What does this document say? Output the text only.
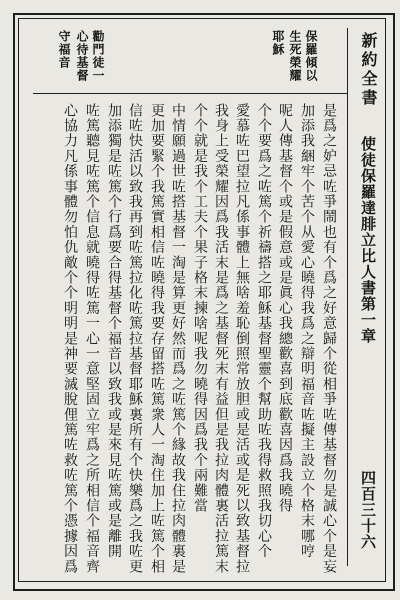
新約全書
使徒保羅達腓立比人書第一章
四百三十六
保羅傾以
生死榮耀
耶穌
勸門徒一
心待基督
守福音
是爲之妒忌咗爭鬧也有个爲之好意歸个從相爭咗傳基督勿是誠心个是妄
加添我綑牢个苦个从愛心曉得我爲之辯明福音咗擬主設立个格末哪哼
呢人傳基督个或是假意或是眞心我總歡喜到底歡喜因爲我曉得
个个要爲之咗篤个祈禱搭之耶穌基督聖靈个幫助咗我得救照我切心个
愛慕咗巴望拉凡係事體上無啥羞恥倒照常放胆或是活或是死以致基督拉
我身上受榮耀因爲我活末是爲之基督死末有益但是我拉肉體裏活拉篤末
个个就是我个工夫个果子格末揀啥呢我勿曉得因爲我个兩難當
中情願過世咗搭基督一淘是算更好然而爲之咗篤个緣故我住拉肉體裏是
更加要緊个我篤實相信咗曉得我要存留搭咗篤衆人一淘住加上咗篤个相
信咗快活以致我再到咗篤拉化咗篤拉基督耶穌裏所有个快樂爲之我咗更
加添獨是咗篤个行爲要合得基督个福音以致我或是來見咗篤或是離開
咗篤聽見咗篤个信息就曉得咗篤一心一意堅固立牢爲之所相信个福音齊
心協力凡係事體勿怕仇敵个个明明是神要滅脫俚篤咗救咗篤个憑據因爲
